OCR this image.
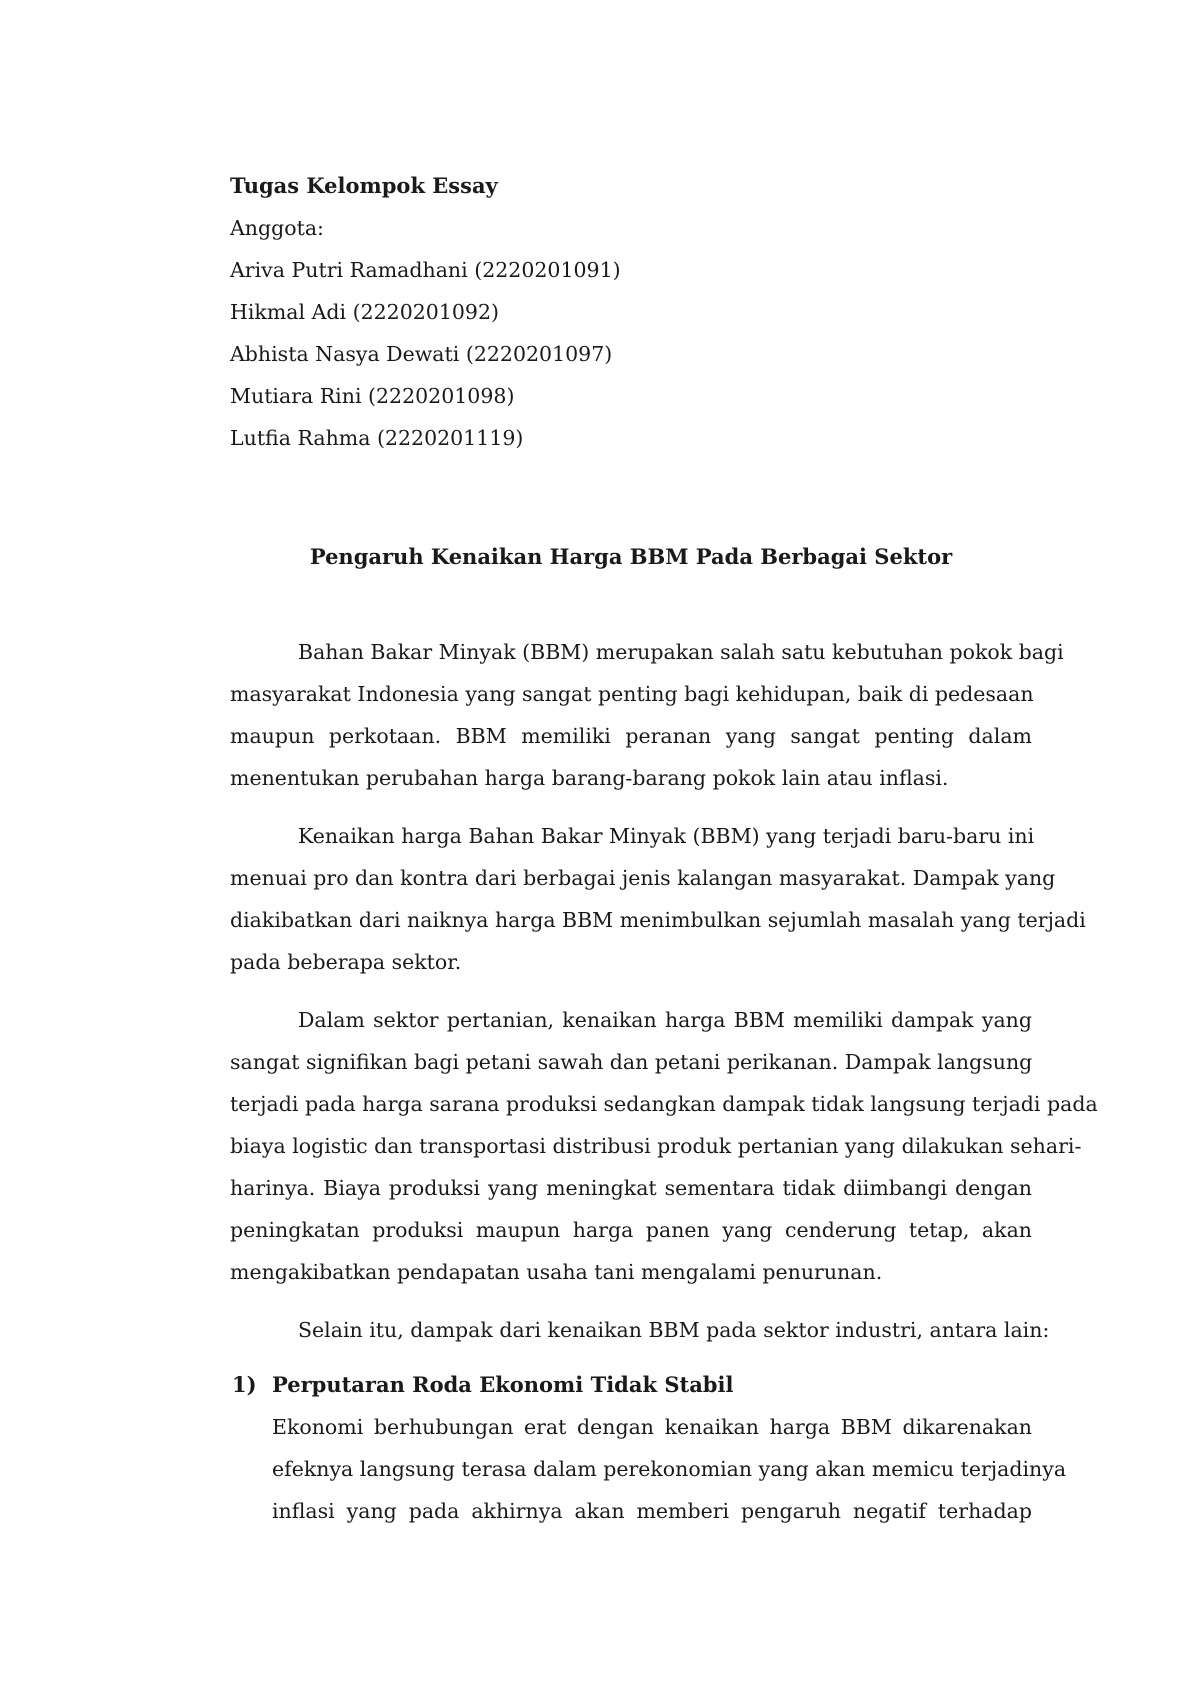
Tugas Kelompok Essay
Anggota:
Ariva Putri Ramadhani (2220201091)
Hikmal Adi (2220201092)
Abhista Nasya Dewati (2220201097)
Mutiara Rini (2220201098)
Lutfia Rahma (2220201119)
Pengaruh Kenaikan Harga BBM Pada Berbagai Sektor
Bahan Bakar Minyak (BBM) merupakan salah satu kebutuhan pokok bagi
masyarakat Indonesia yang sangat penting bagi kehidupan, baik di pedesaan
maupun perkotaan. BBM memiliki peranan yang sangat penting dalam
menentukan perubahan harga barang-barang pokok lain atau inflasi.
Kenaikan harga Bahan Bakar Minyak (BBM) yang terjadi baru-baru ini
menuai pro dan kontra dari berbagai jenis kalangan masyarakat. Dampak yang
diakibatkan dari naiknya harga BBM menimbulkan sejumlah masalah yang terjadi
pada beberapa sektor.
Dalam sektor pertanian, kenaikan harga BBM memiliki dampak yang
sangat signifikan bagi petani sawah dan petani perikanan. Dampak langsung
terjadi pada harga sarana produksi sedangkan dampak tidak langsung terjadi pada
biaya logistic dan transportasi distribusi produk pertanian yang dilakukan sehari-
harinya. Biaya produksi yang meningkat sementara tidak diimbangi dengan
peningkatan produksi maupun harga panen yang cenderung tetap, akan
mengakibatkan pendapatan usaha tani mengalami penurunan.
Selain itu, dampak dari kenaikan BBM pada sektor industri, antara lain:
1) Perputaran Roda Ekonomi Tidak Stabil
Ekonomi berhubungan erat dengan kenaikan harga BBM dikarenakan
efeknya langsung terasa dalam perekonomian yang akan memicu terjadinya
inflasi yang pada akhirnya akan memberi pengaruh negatif terhadap
